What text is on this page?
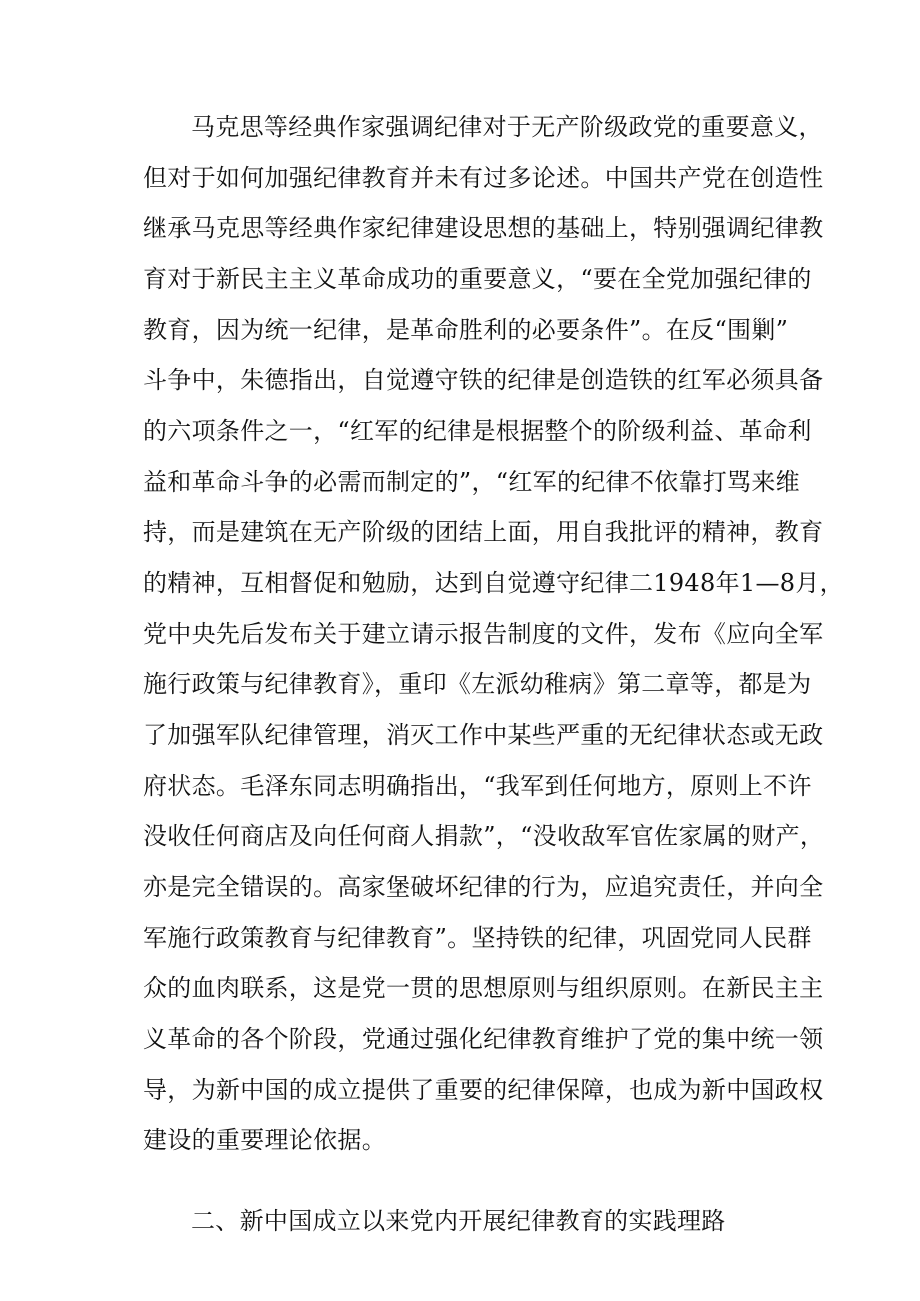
马克思等经典作家强调纪律对于无产阶级政党的重要意义，
但对于如何加强纪律教育并未有过多论述。中国共产党在创造性
继承马克思等经典作家纪律建设思想的基础上，特别强调纪律教
育对于新民主主义革命成功的重要意义，“要在全党加强纪律的
教育，因为统一纪律，是革命胜利的必要条件”。在反“围剿”
斗争中，朱德指出，自觉遵守铁的纪律是创造铁的红军必须具备
的六项条件之一，“红军的纪律是根据整个的阶级利益、革命利
益和革命斗争的必需而制定的”，“红军的纪律不依靠打骂来维
持，而是建筑在无产阶级的团结上面，用自我批评的精神，教育
的精神，互相督促和勉励，达到自觉遵守纪律二1948年1—8月，
党中央先后发布关于建立请示报告制度的文件，发布《应向全军
施行政策与纪律教育》，重印《左派幼稚病》第二章等，都是为
了加强军队纪律管理，消灭工作中某些严重的无纪律状态或无政
府状态。毛泽东同志明确指出，“我军到任何地方，原则上不许
没收任何商店及向任何商人捐款”，“没收敌军官佐家属的财产，
亦是完全错误的。高家堡破坏纪律的行为，应追究责任，并向全
军施行政策教育与纪律教育”。坚持铁的纪律，巩固党同人民群
众的血肉联系，这是党一贯的思想原则与组织原则。在新民主主
义革命的各个阶段，党通过强化纪律教育维护了党的集中统一领
导，为新中国的成立提供了重要的纪律保障，也成为新中国政权
建设的重要理论依据。
二、新中国成立以来党内开展纪律教育的实践理路
